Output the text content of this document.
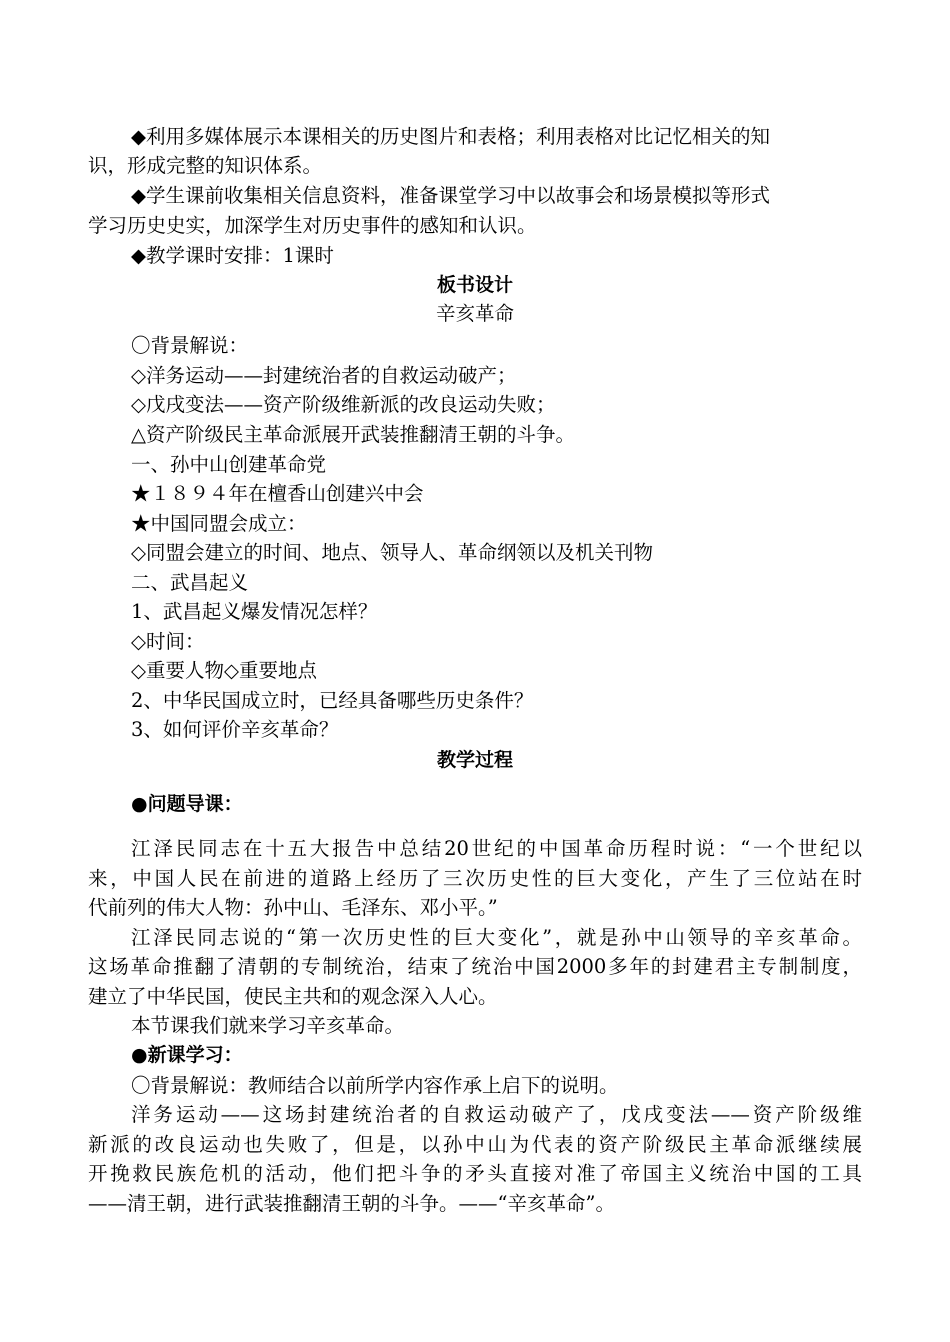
◆利用多媒体展示本课相关的历史图片和表格；利用表格对比记忆相关的知
识，形成完整的知识体系。
◆学生课前收集相关信息资料，准备课堂学习中以故事会和场景模拟等形式
学习历史史实，加深学生对历史事件的感知和认识。
◆教学课时安排：1课时
板书设计
辛亥革命
〇背景解说：
◇洋务运动——封建统治者的自救运动破产；
◇戊戌变法——资产阶级维新派的改良运动失败；
△资产阶级民主革命派展开武装推翻清王朝的斗争。
一、孙中山创建革命党
★１８９４年在檀香山创建兴中会
★中国同盟会成立：
◇同盟会建立的时间、地点、领导人、革命纲领以及机关刊物
二、武昌起义
1、武昌起义爆发情况怎样？
◇时间：
◇重要人物◇重要地点
2、中华民国成立时，已经具备哪些历史条件？
3、如何评价辛亥革命？
教学过程
●问题导课：
江泽民同志在十五大报告中总结20世纪的中国革命历程时说：“一个世纪以
来，中国人民在前进的道路上经历了三次历史性的巨大变化，产生了三位站在时
代前列的伟大人物：孙中山、毛泽东、邓小平。”
江泽民同志说的“第一次历史性的巨大变化”，就是孙中山领导的辛亥革命。
这场革命推翻了清朝的专制统治，结束了统治中国2000多年的封建君主专制制度，
建立了中华民国，使民主共和的观念深入人心。
本节课我们就来学习辛亥革命。
●新课学习：
〇背景解说：教师结合以前所学内容作承上启下的说明。
洋务运动——这场封建统治者的自救运动破产了，戊戌变法——资产阶级维
新派的改良运动也失败了，但是，以孙中山为代表的资产阶级民主革命派继续展
开挽救民族危机的活动，他们把斗争的矛头直接对准了帝国主义统治中国的工具
——清王朝，进行武装推翻清王朝的斗争。——“辛亥革命”。
